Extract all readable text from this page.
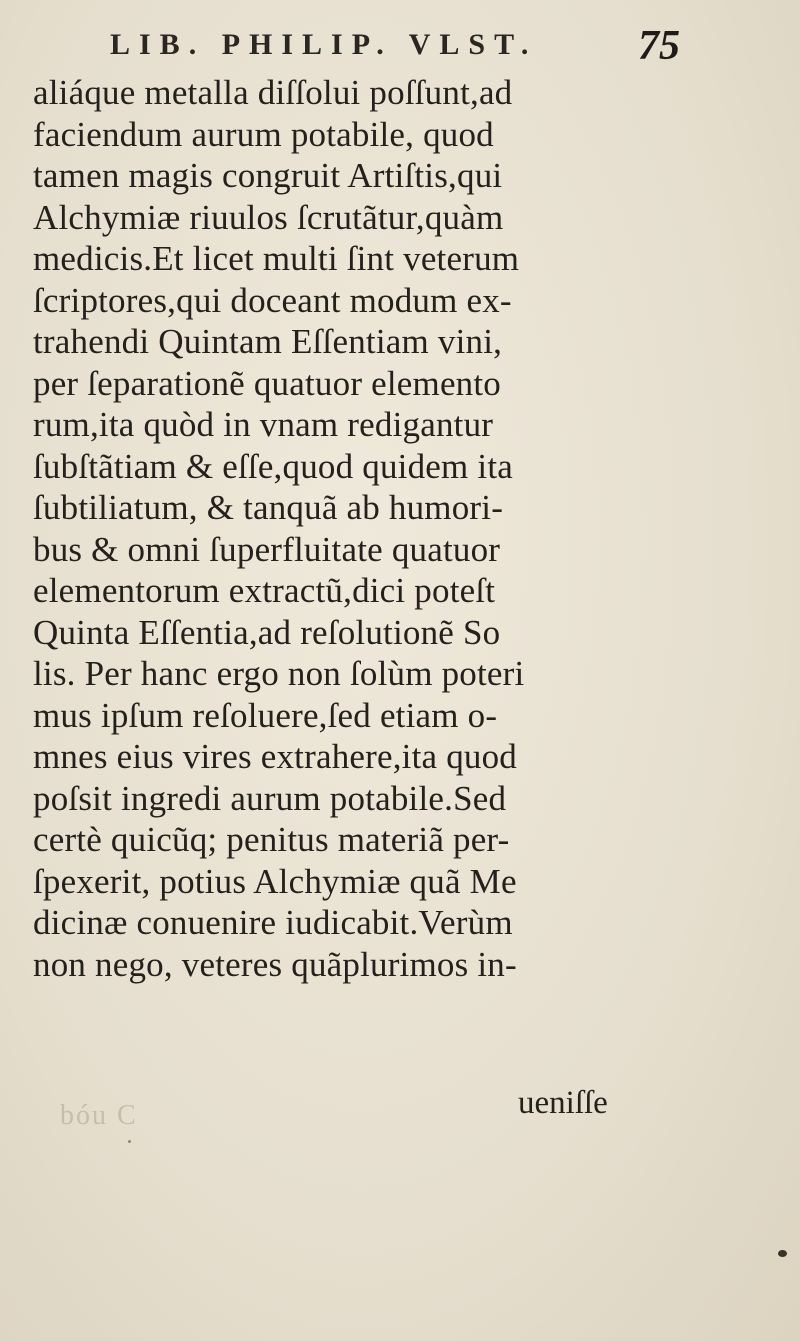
LIB. PHILIP. VLST. 75
aliáque metalla diſſolui poſſunt,ad
faciendum aurum potabile, quod
tamen magis congruit Artiſtis,qui
Alchymiæ riuulos ſcrutãtur,quàm
medicis.Et licet multi ſint veterum
ſcriptores,qui doceant modum ex-
trahendi Quintam Eſſentiam vini,
per ſeparationẽ quatuor elemento
rum,ita quòd in vnam redigantur
ſubſtãtiam & eſſe,quod quidem ita
ſubtiliatum, & tanquã ab humori-
bus & omni ſuperfluitate quatuor
elementorum extractũ,dici poteſt
Quinta Eſſentia,ad reſolutionẽ So
lis. Per hanc ergo non ſolùm poteri
mus ipſum reſoluere,ſed etiam o-
mnes eius vires extrahere,ita quod
poſsit ingredi aurum potabile.Sed
certè quicũq; penitus materiã per-
ſpexerit, potius Alchymiæ quã Me
dicinæ conuenire iudicabit.Verùm
non nego, veteres quãplurimos in-
bóu C	ueniſſe
